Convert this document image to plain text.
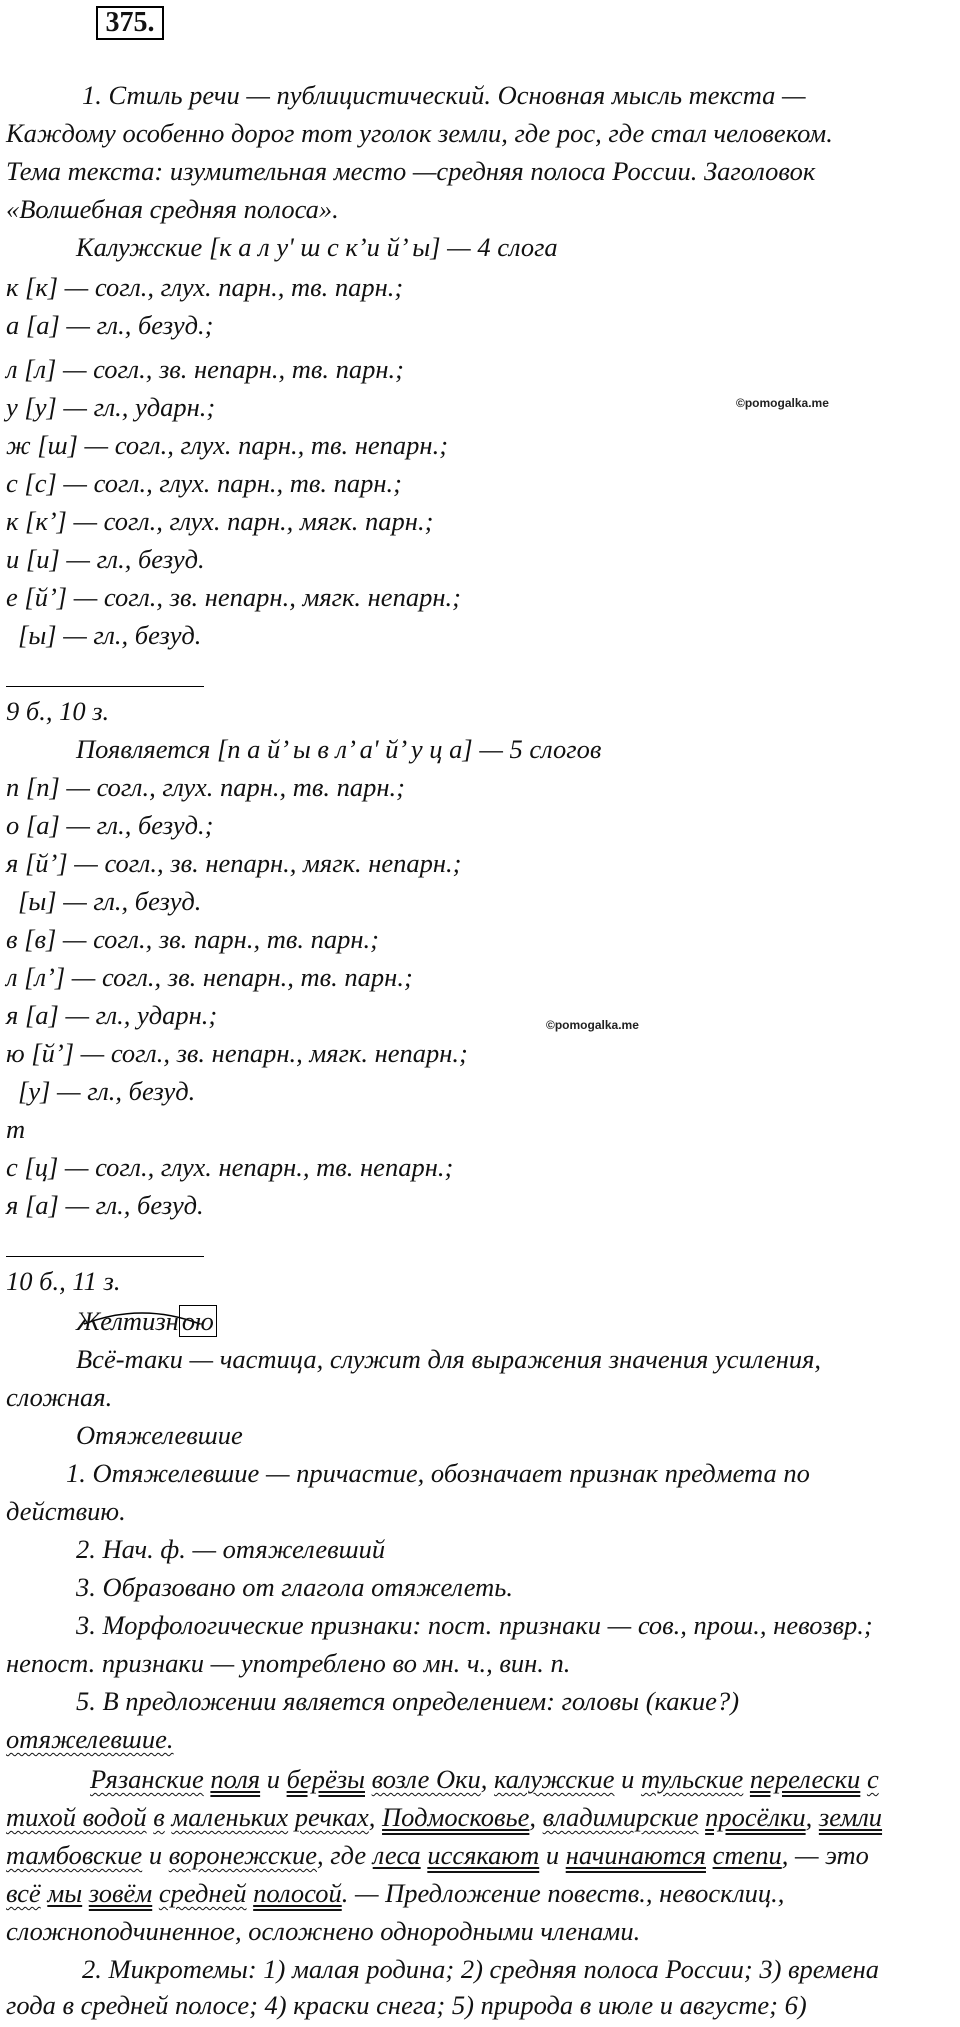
375.
1. Стиль речи — публицистический. Основная мысль текста —
Каждому особенно дорог тот уголок земли, где рос, где стал человеком.
Тема текста: изумительная место —средняя полоса России. Заголовок
«Волшебная средняя полоса».
Калужские [к а л у' ш с к’и й’ ы] — 4 слога
к [к] — согл., глух. парн., тв. парн.;
а [а] — гл., безуд.;
л [л] — согл., зв. непарн., тв. парн.;
у [у] — гл., ударн.;
ж [ш] — согл., глух. парн., тв. непарн.;
с [с] — согл., глух. парн., тв. парн.;
к [к’] — согл., глух. парн., мягк. парн.;
и [и] — гл., безуд.
е [й’] — согл., зв. непарн., мягк. непарн.;
[ы] — гл., безуд.
©pomogalka.me
9 б., 10 з.
Появляется [п а й’ ы в л’ а' й’ у ц а] — 5 слогов
п [п] — согл., глух. парн., тв. парн.;
о [а] — гл., безуд.;
я [й’] — согл., зв. непарн., мягк. непарн.;
[ы] — гл., безуд.
в [в] — согл., зв. парн., тв. парн.;
л [л’] — согл., зв. непарн., тв. парн.;
я [а] — гл., ударн.;
ю [й’] — согл., зв. непарн., мягк. непарн.;
[у] — гл., безуд.
т
с [ц] — согл., глух. непарн., тв. непарн.;
я [а] — гл., безуд.
©pomogalka.me
10 б., 11 з.
Желтизн ою
Всё-таки — частица, служит для выражения значения усиления,
сложная.
Отяжелевшие
1. Отяжелевшие — причастие, обозначает признак предмета по
действию.
2. Нач. ф. — отяжелевший
3. Образовано от глагола отяжелеть.
3. Морфологические признаки: пост. признаки — сов., прош., невозвр.;
непост. признаки — употреблено во мн. ч., вин. п.
5. В предложении является определением: головы (какие?)
отяжелевшие.
Рязанские поля и берёзы возле Оки, калужские и тульские перелески с
тихой водой в маленьких речках, Подмосковье, владимирские просёлки, земли
тамбовские и воронежские, где леса иссякают и начинаются степи, — это
всё мы зовём средней полосой. — Предложение повеств., невосклиц.,
сложноподчиненное, осложнено однородными членами.
2. Микротемы: 1) малая родина; 2) средняя полоса России; 3) времена
года в средней полосе; 4) краски снега; 5) природа в июле и августе; 6)
